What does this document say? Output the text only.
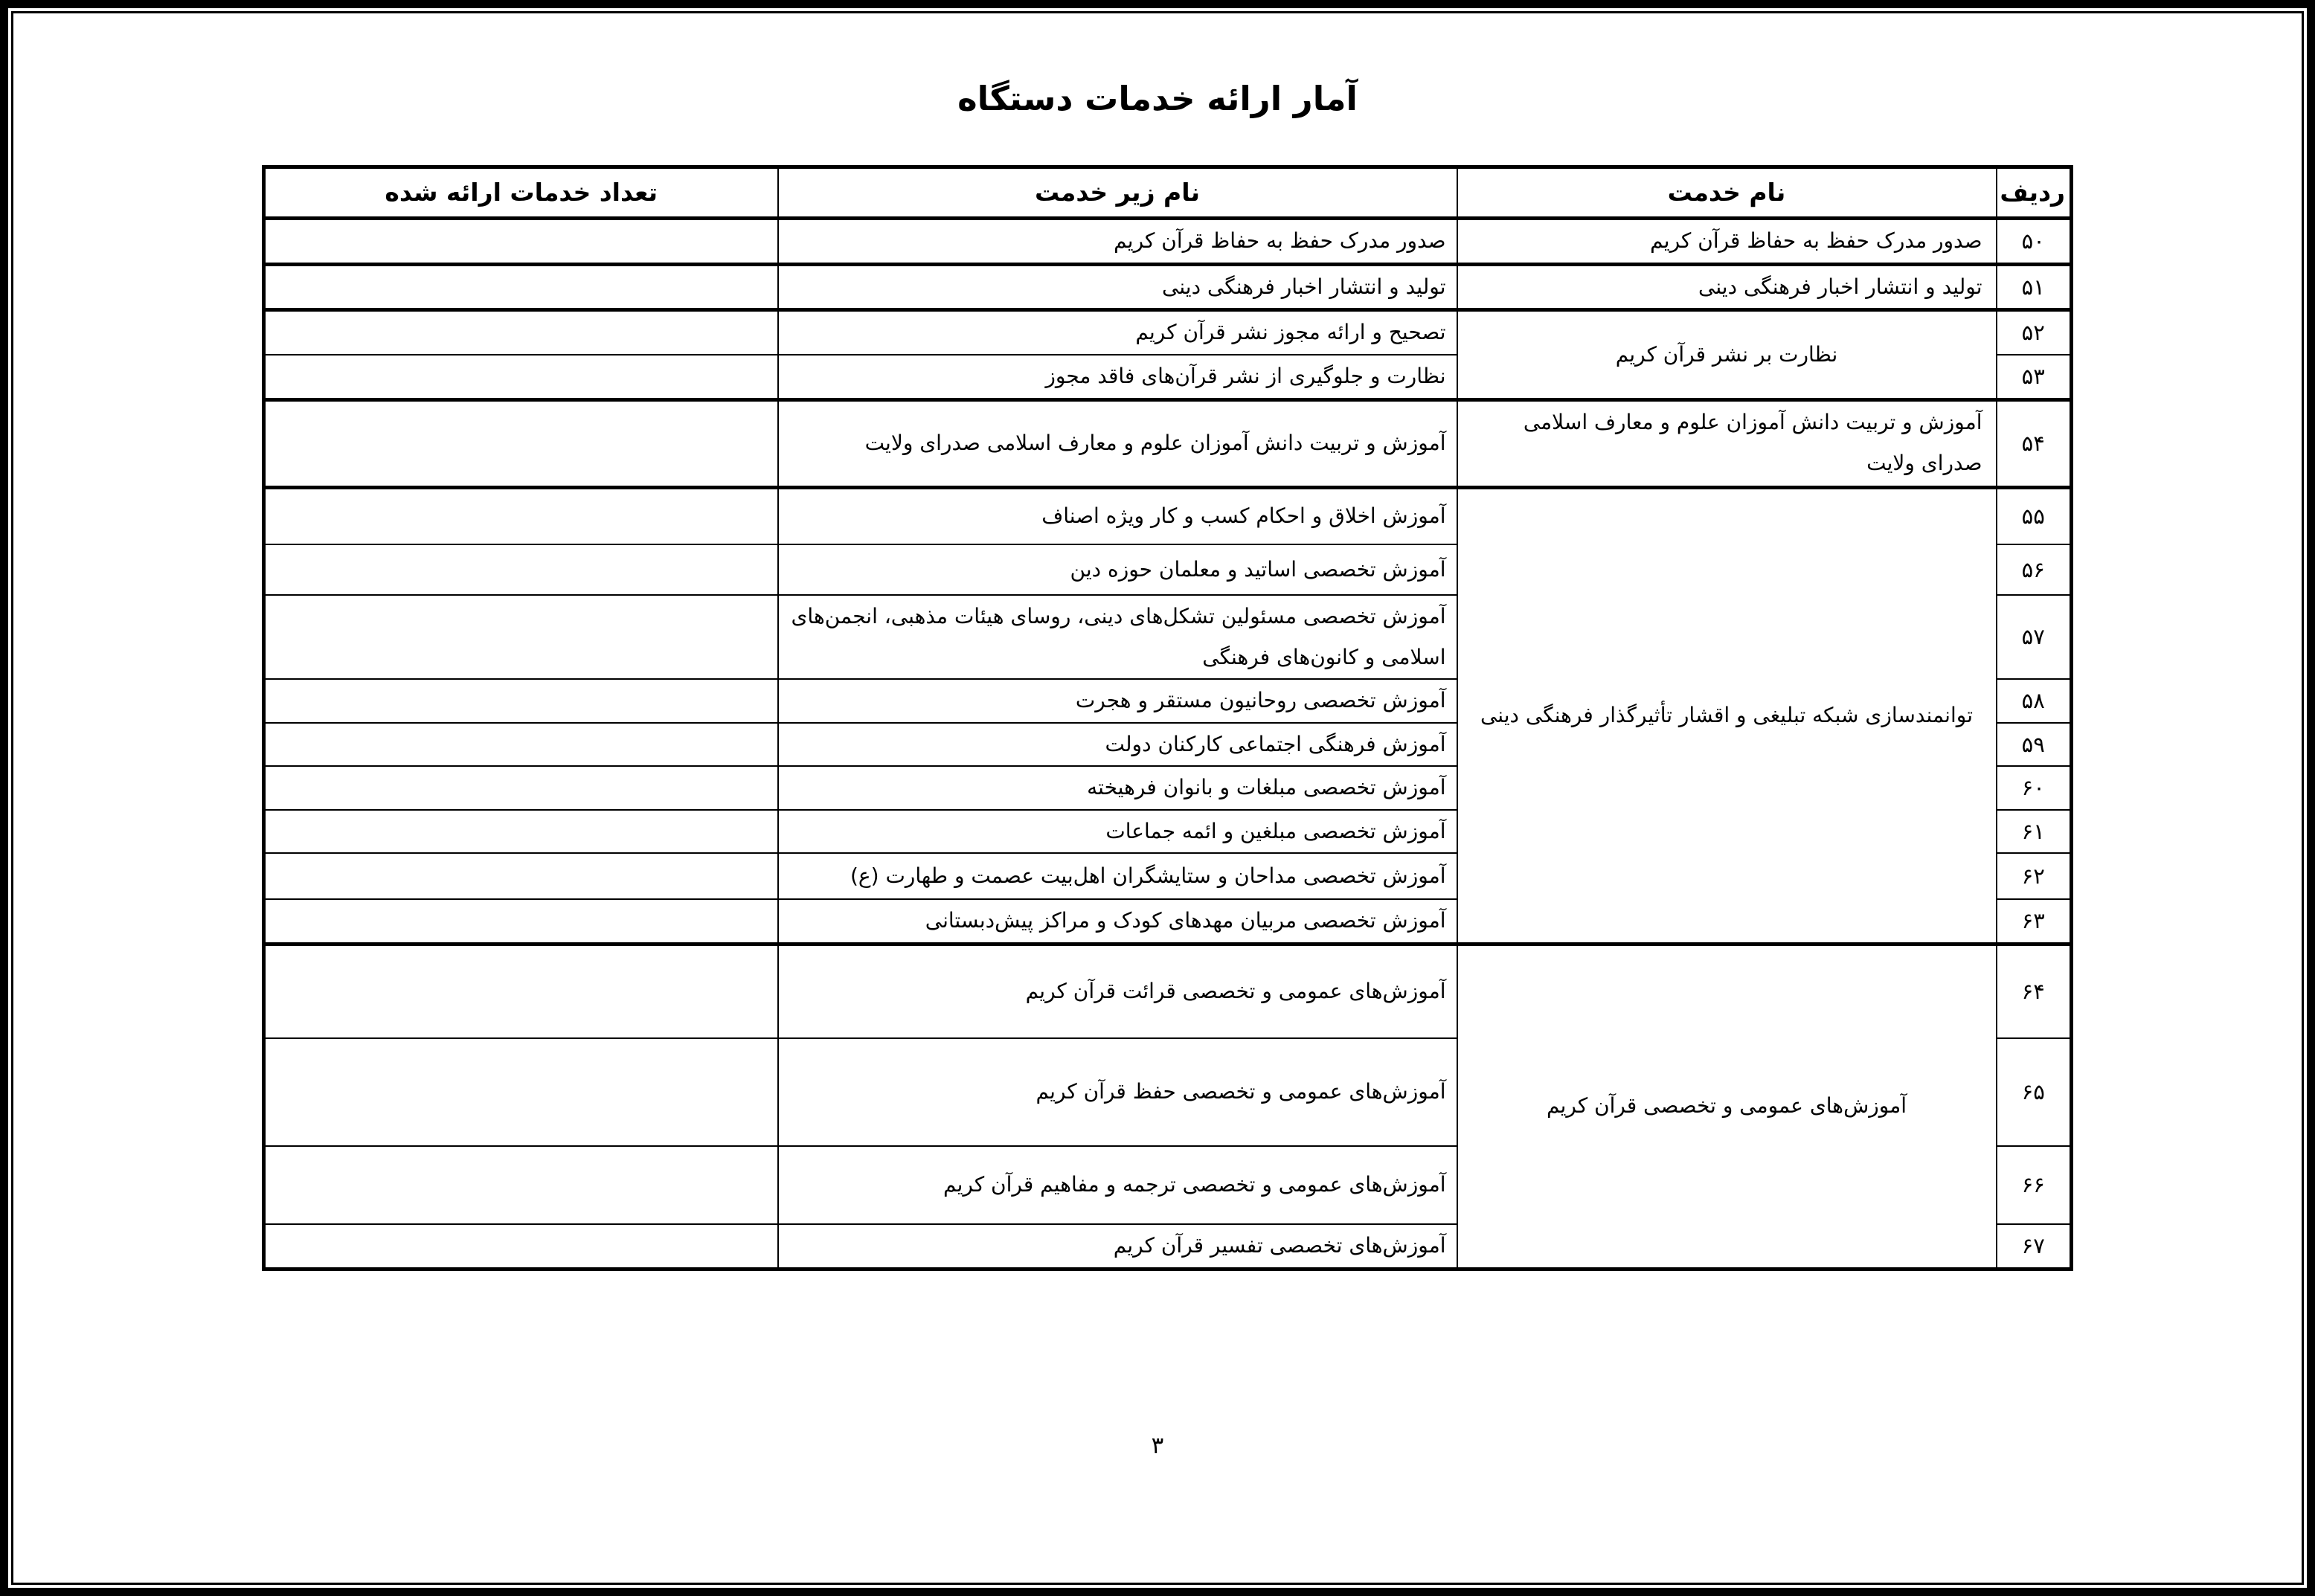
آمار ارائه خدمات دستگاه
ردیف	نام خدمت	نام زیر خدمت	تعداد خدمات ارائه شده
۵۰	صدور مدرک حفظ به حفاظ قرآن کریم	صدور مدرک حفظ به حفاظ قرآن کریم	
۵۱	تولید و انتشار اخبار فرهنگی دینی	تولید و انتشار اخبار فرهنگی دینی	
۵۲	نظارت بر نشر قرآن کریم	تصحیح و ارائه مجوز نشر قرآن کریم	
۵۳		نظارت و جلوگیری از نشر قرآن‌های فاقد مجوز	
۵۴	آموزش و تربیت دانش آموزان علوم و معارف اسلامی صدرای ولایت	آموزش و تربیت دانش آموزان علوم و معارف اسلامی صدرای ولایت	
۵۵	توانمندسازی شبکه تبلیغی و اقشار تأثیرگذار فرهنگی دینی	آموزش اخلاق و احکام کسب و کار ویژه اصناف	
۵۶		آموزش تخصصی اساتید و معلمان حوزه دین	
۵۷		آموزش تخصصی مسئولین تشکل‌های دینی، روسای هیئات مذهبی، انجمن‌های اسلامی و کانون‌های فرهنگی	
۵۸		آموزش تخصصی روحانیون مستقر و هجرت	
۵۹		آموزش فرهنگی اجتماعی کارکنان دولت	
۶۰		آموزش تخصصی مبلغات و بانوان فرهیخته	
۶۱		آموزش تخصصی مبلغین و ائمه جماعات	
۶۲		آموزش تخصصی مداحان و ستایشگران اهل‌بیت عصمت و طهارت (ع)	
۶۳		آموزش تخصصی مربیان مهدهای کودک و مراکز پیش‌دبستانی	
۶۴	آموزش‌های عمومی و تخصصی قرآن کریم	آموزش‌های عمومی و تخصصی قرائت قرآن کریم	
۶۵		آموزش‌های عمومی و تخصصی حفظ قرآن کریم	
۶۶		آموزش‌های عمومی و تخصصی ترجمه و مفاهیم قرآن کریم	
۶۷		آموزش‌های تخصصی تفسیر قرآن کریم	
۳
